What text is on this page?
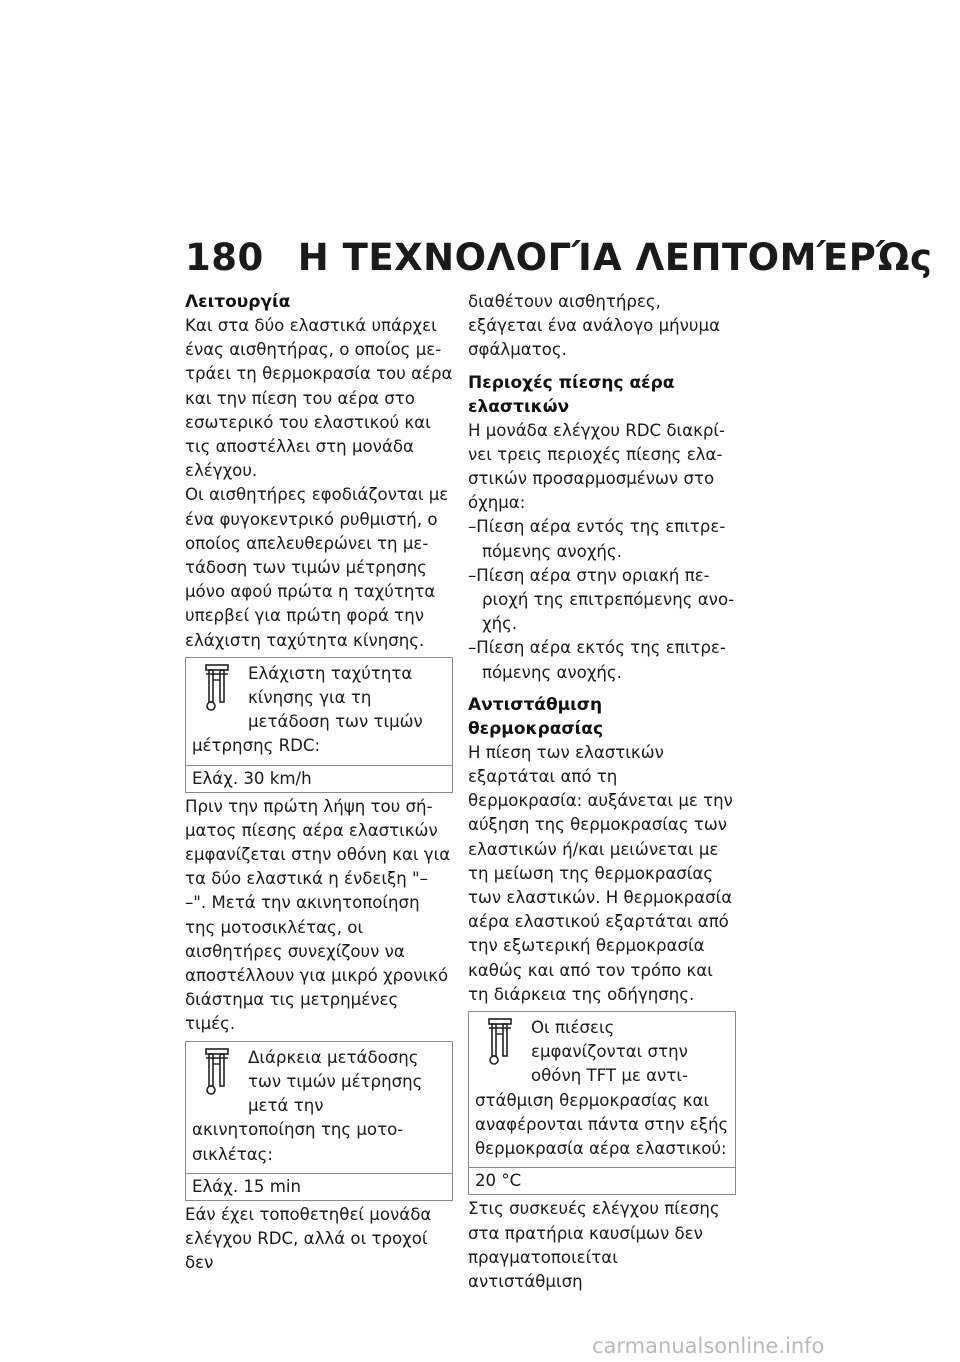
180 Η ΤΕΧΝΟΛΟΓΊΑ ΛΕΠΤΟΜΈΡΏς
Λειτουργία
Και στα δύο ελαστικά υπάρχει ένας αισθητήρας, ο οποίος μετράει τη θερμοκρασία του αέρα και την πίεση του αέρα στο εσωτερικό του ελαστικού και τις αποστέλλει στη μονάδα ελέγχου.
Οι αισθητήρες εφοδιάζονται με ένα φυγοκεντρικό ρυθμιστή, ο οποίος απελευθερώνει τη μετάδοση των τιμών μέτρησης μόνο αφού πρώτα η ταχύτητα υπερβεί για πρώτη φορά την ελάχιστη ταχύτητα κίνησης.
Ελάχιστη ταχύτητα κίνησης για τη μετάδοση των τιμών μέτρησης RDC:
Ελάχ. 30 km/h
Πριν την πρώτη λήψη του σήματος πίεσης αέρα ελαστικών εμφανίζεται στην οθόνη και για τα δύο ελαστικά η ένδειξη "– –". Μετά την ακινητοποίηση της μοτοσικλέτας, οι αισθητήρες συνεχίζουν να αποστέλλουν για μικρό χρονικό διάστημα τις μετρημένες τιμές.
Διάρκεια μετάδοσης των τιμών μέτρησης μετά την ακινητοποίηση της μοτοσικλέτας:
Ελάχ. 15 min
Εάν έχει τοποθετηθεί μονάδα ελέγχου RDC, αλλά οι τροχοί δεν
διαθέτουν αισθητήρες, εξάγεται ένα ανάλογο μήνυμα σφάλματος.
Περιοχές πίεσης αέρα ελαστικών
Η μονάδα ελέγχου RDC διακρίνει τρεις περιοχές πίεσης ελαστικών προσαρμοσμένων στο όχημα:
–Πίεση αέρα εντός της επιτρεπόμενης ανοχής.
–Πίεση αέρα στην οριακή περιοχή της επιτρεπόμενης ανοχής.
–Πίεση αέρα εκτός της επιτρεπόμενης ανοχής.
Αντιστάθμιση θερμοκρασίας
Η πίεση των ελαστικών εξαρτάται από τη θερμοκρασία: αυξάνεται με την αύξηση της θερμοκρασίας των ελαστικών ή/και μειώνεται με τη μείωση της θερμοκρασίας των ελαστικών. Η θερμοκρασία αέρα ελαστικού εξαρτάται από την εξωτερική θερμοκρασία καθώς και από τον τρόπο και τη διάρκεια της οδήγησης.
Οι πιέσεις εμφανίζονται στην οθόνη TFT με αντιστάθμιση θερμοκρασίας και αναφέρονται πάντα στην εξής θερμοκρασία αέρα ελαστικού:
20 °C
Στις συσκευές ελέγχου πίεσης στα πρατήρια καυσίμων δεν πραγματοποιείται αντιστάθμιση
carmanualsonline.info
